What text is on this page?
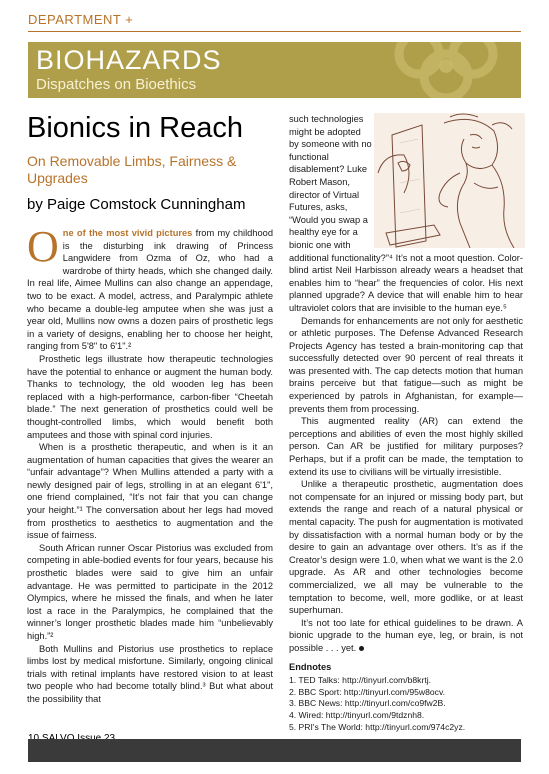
DEPARTMENT +
BIOHAZARDS
Dispatches on Bioethics
Bionics in Reach
On Removable Limbs, Fairness & Upgrades
by Paige Comstock Cunningham

One of the most vivid pictures from my childhood is the disturbing ink drawing of Princess Langwidere from Ozma of Oz, who had a wardrobe of thirty heads, which she changed daily. In real life, Aimee Mullins can also change an appendage, two to be exact. A model, actress, and Paralympic athlete who became a double-leg amputee when she was just a year old, Mullins now owns a dozen pairs of prosthetic legs in a variety of designs, enabling her to choose her height, ranging from 5'8" to 6'1".²

Prosthetic legs illustrate how therapeutic technologies have the potential to enhance or augment the human body. Thanks to technology, the old wooden leg has been replaced with a high-performance, carbon-fiber “Cheetah blade.” The next generation of prosthetics could well be thought-controlled limbs, which would benefit both amputees and those with spinal cord injuries.

When is a prosthetic therapeutic, and when is it an augmentation of human capacities that gives the wearer an “unfair advantage”? When Mullins attended a party with a newly designed pair of legs, strolling in at an elegant 6'1", one friend complained, “It’s not fair that you can change your height.”¹ The conversation about her legs had moved from prosthetics to aesthetics to augmentation and the issue of fairness.

South African runner Oscar Pistorius was excluded from competing in able-bodied events for four years, because his prosthetic blades were said to give him an unfair advantage. He was permitted to participate in the 2012 Olympics, where he missed the finals, and when he later lost a race in the Paralympics, he complained that the winner’s longer prosthetic blades made him “unbelievably high.”²

Both Mullins and Pistorius use prosthetics to replace limbs lost by medical misfortune. Similarly, ongoing clinical trials with retinal implants have restored vision to at least two people who had become totally blind.³ But what about the possibility that

such technologies might be adopted by someone with no functional disablement? Luke Robert Mason, director of Virtual Futures, asks, “Would you swap a healthy eye for a bionic one with

additional functionality?”⁴ It’s not a moot question. Color-blind artist Neil Harbisson already wears a headset that enables him to “hear” the frequencies of color. His next planned upgrade? A device that will enable him to hear ultraviolet colors that are invisible to the human eye.⁵

Demands for enhancements are not only for aesthetic or athletic purposes. The Defense Advanced Research Projects Agency has tested a brain-monitoring cap that successfully detected over 90 percent of real threats it was presented with. The cap detects motion that human brains perceive but that fatigue—such as might be experienced by patrols in Afghanistan, for example—prevents them from processing.

This augmented reality (AR) can extend the perceptions and abilities of even the most highly skilled person. Can AR be justified for military purposes? Perhaps, but if a profit can be made, the temptation to extend its use to civilians will be virtually irresistible.

Unlike a therapeutic prosthetic, augmentation does not compensate for an injured or missing body part, but extends the range and reach of a natural physical or mental capacity. The push for augmentation is motivated by dissatisfaction with a normal human body or by the desire to gain an advantage over others. It’s as if the Creator’s design were 1.0, when what we want is the 2.0 upgrade. As AR and other technologies become commercialized, we all may be vulnerable to the temptation to become, well, more godlike, or at least superhuman.

It’s not too late for ethical guidelines to be drawn. A bionic upgrade to the human eye, leg, or brain, is not possible . . . yet.

Endnotes
1. TED Talks: http://tinyurl.com/b8krtj.
2. BBC Sport: http://tinyurl.com/95w8ocv.
3. BBC News: http://tinyurl.com/co9fw2B.
4. Wired: http://tinyurl.com/9tdznh8.
5. PRI's The World: http://tinyurl.com/974c2yz.
